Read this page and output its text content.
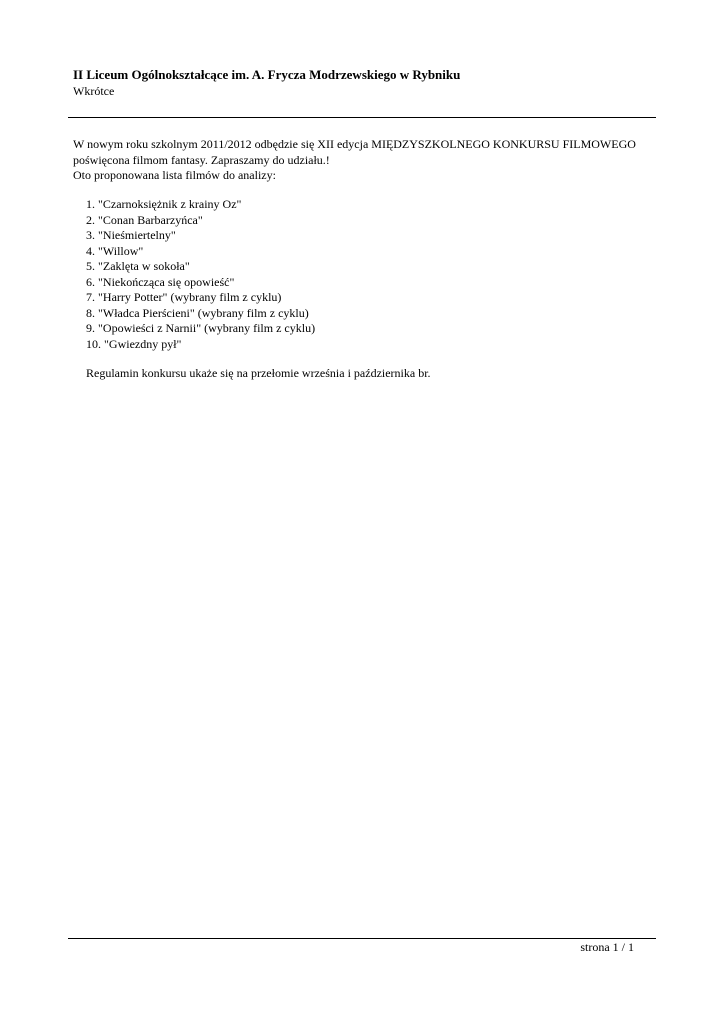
II Liceum Ogólnokształcące im. A. Frycza Modrzewskiego w Rybniku
Wkrótce

W nowym roku szkolnym 2011/2012 odbędzie się XII edycja MIĘDZYSZKOLNEGO KONKURSU FILMOWEGO

poświęcona filmom fantasy. Zapraszamy do udziału.!

Oto proponowana lista filmów do analizy:

1. "Czarnoksiężnik z krainy Oz"
2. "Conan Barbarzyńca"
3. "Nieśmiertelny"
4. "Willow"
5. "Zaklęta w sokoła"
6. "Niekończąca się opowieść"
7. "Harry Potter" (wybrany film z cyklu)
8. "Władca Pierścieni" (wybrany film z cyklu)
9. "Opowieści z Narnii" (wybrany film z cyklu)
10. "Gwiezdny pył"
Regulamin konkursu ukaże się na przełomie września i października br.
strona 1 / 1
